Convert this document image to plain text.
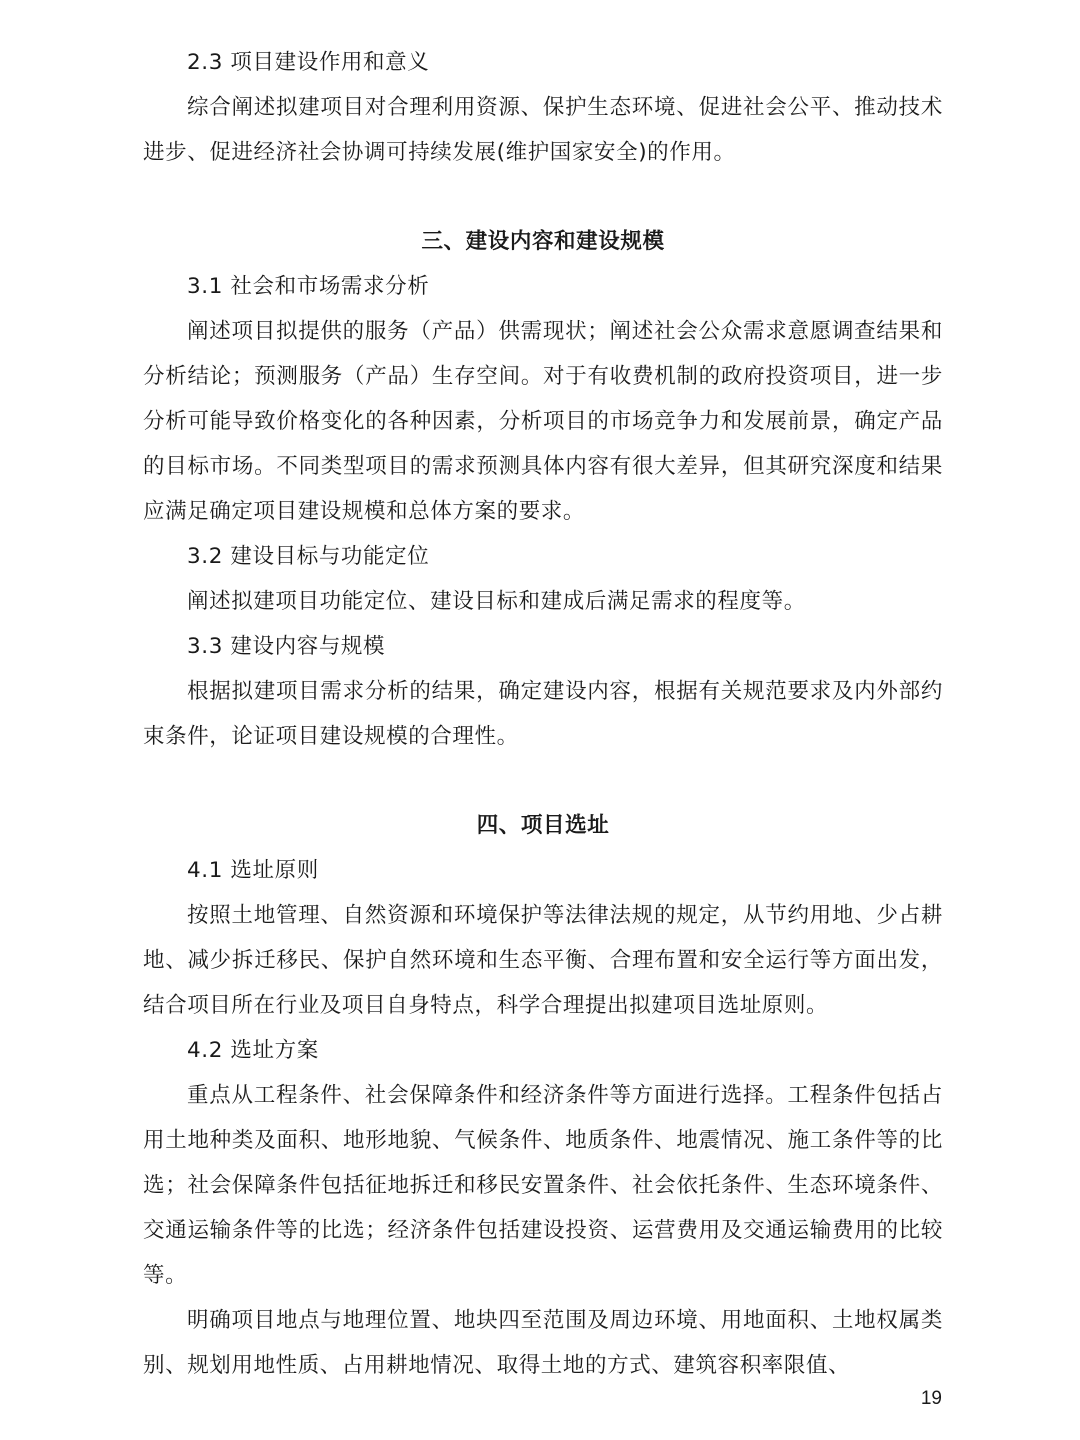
2.3 项目建设作用和意义

综合阐述拟建项目对合理利用资源、保护生态环境、促进社会公平、推动技术进步、促进经济社会协调可持续发展(维护国家安全)的作用。

三、建设内容和建设规模

3.1 社会和市场需求分析

阐述项目拟提供的服务（产品）供需现状；阐述社会公众需求意愿调查结果和分析结论；预测服务（产品）生存空间。对于有收费机制的政府投资项目，进一步分析可能导致价格变化的各种因素，分析项目的市场竞争力和发展前景，确定产品的目标市场。不同类型项目的需求预测具体内容有很大差异，但其研究深度和结果应满足确定项目建设规模和总体方案的要求。

3.2 建设目标与功能定位

阐述拟建项目功能定位、建设目标和建成后满足需求的程度等。

3.3 建设内容与规模

根据拟建项目需求分析的结果，确定建设内容，根据有关规范要求及内外部约束条件，论证项目建设规模的合理性。

四、项目选址

4.1 选址原则

按照土地管理、自然资源和环境保护等法律法规的规定，从节约用地、少占耕地、减少拆迁移民、保护自然环境和生态平衡、合理布置和安全运行等方面出发，结合项目所在行业及项目自身特点，科学合理提出拟建项目选址原则。

4.2 选址方案

重点从工程条件、社会保障条件和经济条件等方面进行选择。工程条件包括占用土地种类及面积、地形地貌、气候条件、地质条件、地震情况、施工条件等的比选；社会保障条件包括征地拆迁和移民安置条件、社会依托条件、生态环境条件、交通运输条件等的比选；经济条件包括建设投资、运营费用及交通运输费用的比较等。

明确项目地点与地理位置、地块四至范围及周边环境、用地面积、土地权属类别、规划用地性质、占用耕地情况、取得土地的方式、建筑容积率限值、

19
